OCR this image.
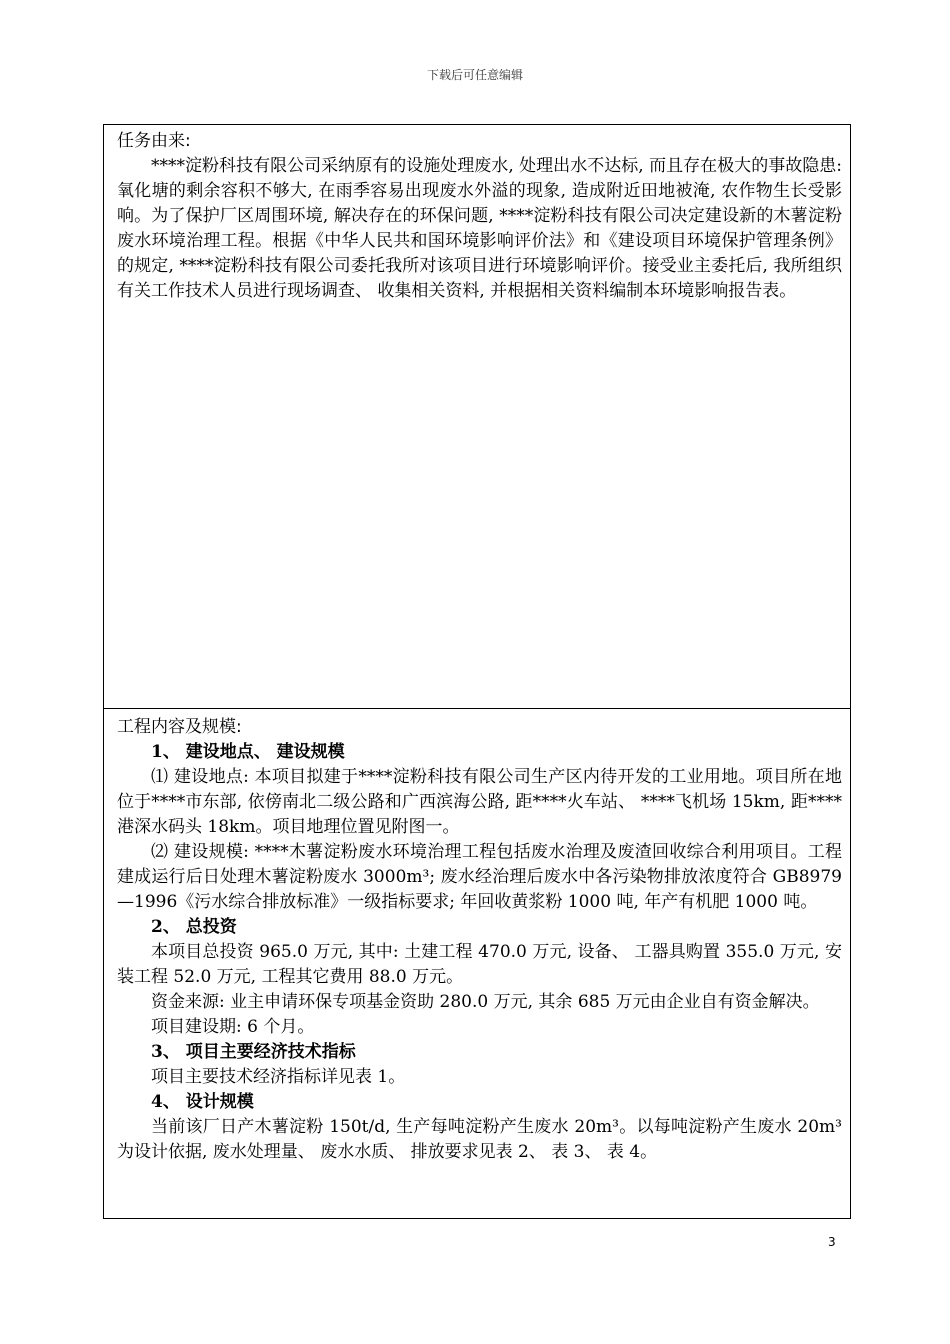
下载后可任意编辑
任务由来:

****淀粉科技有限公司采纳原有的设施处理废水, 处理出水不达标, 而且存在极大的事故隐患: 氧化塘的剩余容积不够大, 在雨季容易出现废水外溢的现象, 造成附近田地被淹, 农作物生长受影响。为了保护厂区周围环境, 解决存在的环保问题, ****淀粉科技有限公司决定建设新的木薯淀粉废水环境治理工程。根据《中华人民共和国环境影响评价法》和《建设项目环境保护管理条例》的规定, ****淀粉科技有限公司委托我所对该项目进行环境影响评价。接受业主委托后, 我所组织有关工作技术人员进行现场调查、 收集相关资料, 并根据相关资料编制本环境影响报告表。

工程内容及规模:

1、 建设地点、 建设规模

⑴ 建设地点: 本项目拟建于****淀粉科技有限公司生产区内待开发的工业用地。项目所在地位于****市东部, 依傍南北二级公路和广西滨海公路, 距****火车站、 ****飞机场 15km, 距****港深水码头 18km。项目地理位置见附图一。

⑵ 建设规模: ****木薯淀粉废水环境治理工程包括废水治理及废渣回收综合利用项目。工程建成运行后日处理木薯淀粉废水 3000m³; 废水经治理后废水中各污染物排放浓度符合 GB8979—1996《污水综合排放标准》一级指标要求; 年回收黄浆粉 1000 吨, 年产有机肥 1000 吨。

2、 总投资

本项目总投资 965.0 万元, 其中: 土建工程 470.0 万元, 设备、 工器具购置 355.0 万元, 安装工程 52.0 万元, 工程其它费用 88.0 万元。

资金来源: 业主申请环保专项基金资助 280.0 万元, 其余 685 万元由企业自有资金解决。

项目建设期: 6 个月。

3、 项目主要经济技术指标

项目主要技术经济指标详见表 1。

4、 设计规模

当前该厂日产木薯淀粉 150t/d, 生产每吨淀粉产生废水 20m³。以每吨淀粉产生废水 20m³为设计依据, 废水处理量、 废水水质、 排放要求见表 2、 表 3、 表 4。

3
